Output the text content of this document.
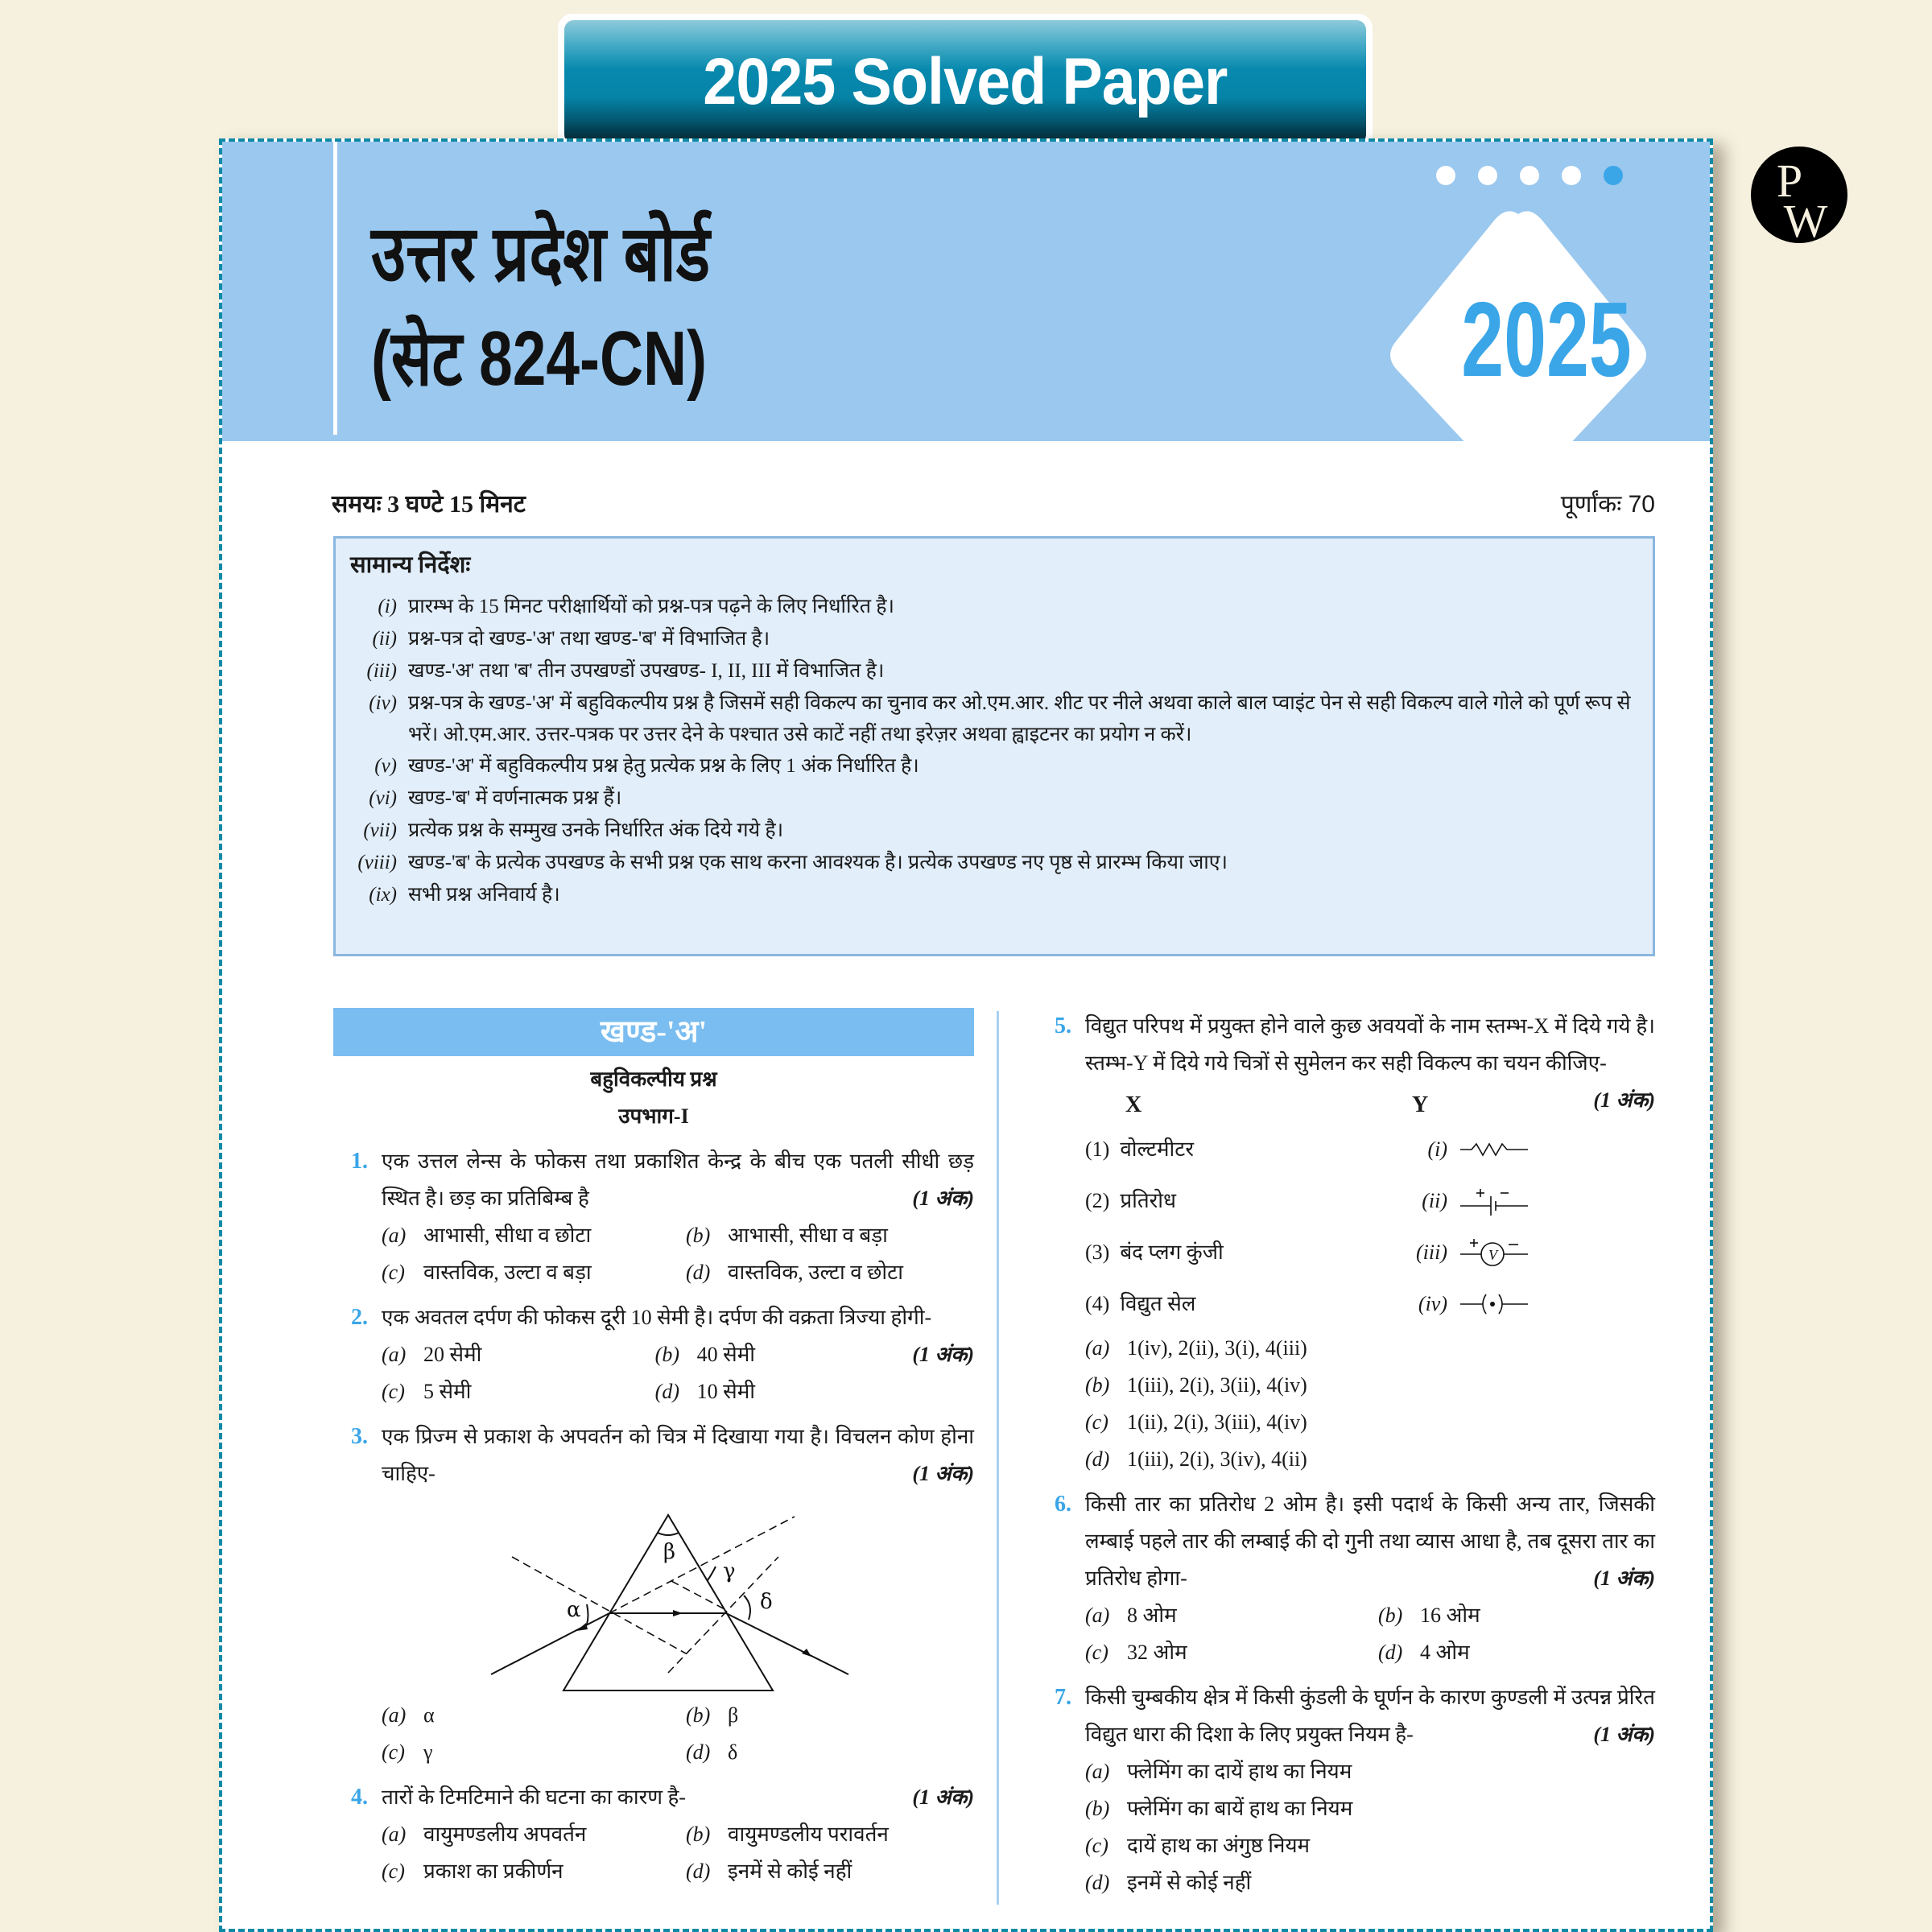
2025 Solved Paper
P
W
उत्तर प्रदेश बोर्ड
(सेट 824-CN)	2025
समयः 3 घण्टे 15 मिनट	पूर्णांकः 70
सामान्य निर्देशः
(i) प्रारम्भ के 15 मिनट परीक्षार्थियों को प्रश्न-पत्र पढ़ने के लिए निर्धारित है।
(ii) प्रश्न-पत्र दो खण्ड-'अ' तथा खण्ड-'ब' में विभाजित है।
(iii) खण्ड-'अ' तथा 'ब' तीन उपखण्डों उपखण्ड- I, II, III में विभाजित है।
(iv) प्रश्न-पत्र के खण्ड-'अ' में बहुविकल्पीय प्रश्न है जिसमें सही विकल्प का चुनाव कर ओ.एम.आर. शीट पर नीले अथवा काले बाल प्वाइंट पेन से सही विकल्प वाले गोले को पूर्ण रूप से भरें। ओ.एम.आर. उत्तर-पत्रक पर उत्तर देने के पश्चात उसे काटें नहीं तथा इरेज़र अथवा ह्वाइटनर का प्रयोग न करें।
(v) खण्ड-'अ' में बहुविकल्पीय प्रश्न हेतु प्रत्येक प्रश्न के लिए 1 अंक निर्धारित है।
(vi) खण्ड-'ब' में वर्णनात्मक प्रश्न हैं।
(vii) प्रत्येक प्रश्न के सम्मुख उनके निर्धारित अंक दिये गये है।
(viii) खण्ड-'ब' के प्रत्येक उपखण्ड के सभी प्रश्न एक साथ करना आवश्यक है। प्रत्येक उपखण्ड नए पृष्ठ से प्रारम्भ किया जाए।
(ix) सभी प्रश्न अनिवार्य है।
खण्ड-'अ'
बहुविकल्पीय प्रश्न
उपभाग-I
1. एक उत्तल लेन्स के फोकस तथा प्रकाशित केन्द्र के बीच एक पतली सीधी छड़ स्थित है। छड़ का प्रतिबिम्ब है	(1 अंक)
(a) आभासी, सीधा व छोटा	(b) आभासी, सीधा व बड़ा
(c) वास्तविक, उल्टा व बड़ा	(d) वास्तविक, उल्टा व छोटा
2. एक अवतल दर्पण की फोकस दूरी 10 सेमी है। दर्पण की वक्रता त्रिज्या होगी-
(1 अंक)
(a) 20 सेमी	(b) 40 सेमी
(c) 5 सेमी	(d) 10 सेमी
3. एक प्रिज्म से प्रकाश के अपवर्तन को चित्र में दिखाया गया है। विचलन कोण होना चाहिए-	(1 अंक)
β
α
γ
δ
(a) α	(b) β
(c) γ	(d) δ
4. तारों के टिमटिमाने की घटना का कारण है-	(1 अंक)
(a) वायुमण्डलीय अपवर्तन	(b) वायुमण्डलीय परावर्तन
(c) प्रकाश का प्रकीर्णन	(d) इनमें से कोई नहीं
5. विद्युत परिपथ में प्रयुक्त होने वाले कुछ अवयवों के नाम स्तम्भ-X में दिये गये है। स्तम्भ-Y में दिये गये चित्रों से सुमेलन कर सही विकल्प का चयन कीजिए-
(1 अंक)
X	Y
(1) वोल्टमीटर	(i)
(2) प्रतिरोध	(ii)
(3) बंद प्लग कुंजी	(iii)	V
(4) विद्युत सेल	(iv)
(a) 1(iv), 2(ii), 3(i), 4(iii)
(b) 1(iii), 2(i), 3(ii), 4(iv)
(c) 1(ii), 2(i), 3(iii), 4(iv)
(d) 1(iii), 2(i), 3(iv), 4(ii)
6. किसी तार का प्रतिरोध 2 ओम है। इसी पदार्थ के किसी अन्य तार, जिसकी लम्बाई पहले तार की लम्बाई की दो गुनी तथा व्यास आधा है, तब दूसरा तार का प्रतिरोध होगा-	(1 अंक)
(a) 8 ओम	(b) 16 ओम
(c) 32 ओम	(d) 4 ओम
7. किसी चुम्बकीय क्षेत्र में किसी कुंडली के घूर्णन के कारण कुण्डली में उत्पन्न प्रेरित विद्युत धारा की दिशा के लिए प्रयुक्त नियम है-	(1 अंक)
(a) फ्लेमिंग का दायें हाथ का नियम
(b) फ्लेमिंग का बायें हाथ का नियम
(c) दायें हाथ का अंगुष्ठ नियम
(d) इनमें से कोई नहीं
